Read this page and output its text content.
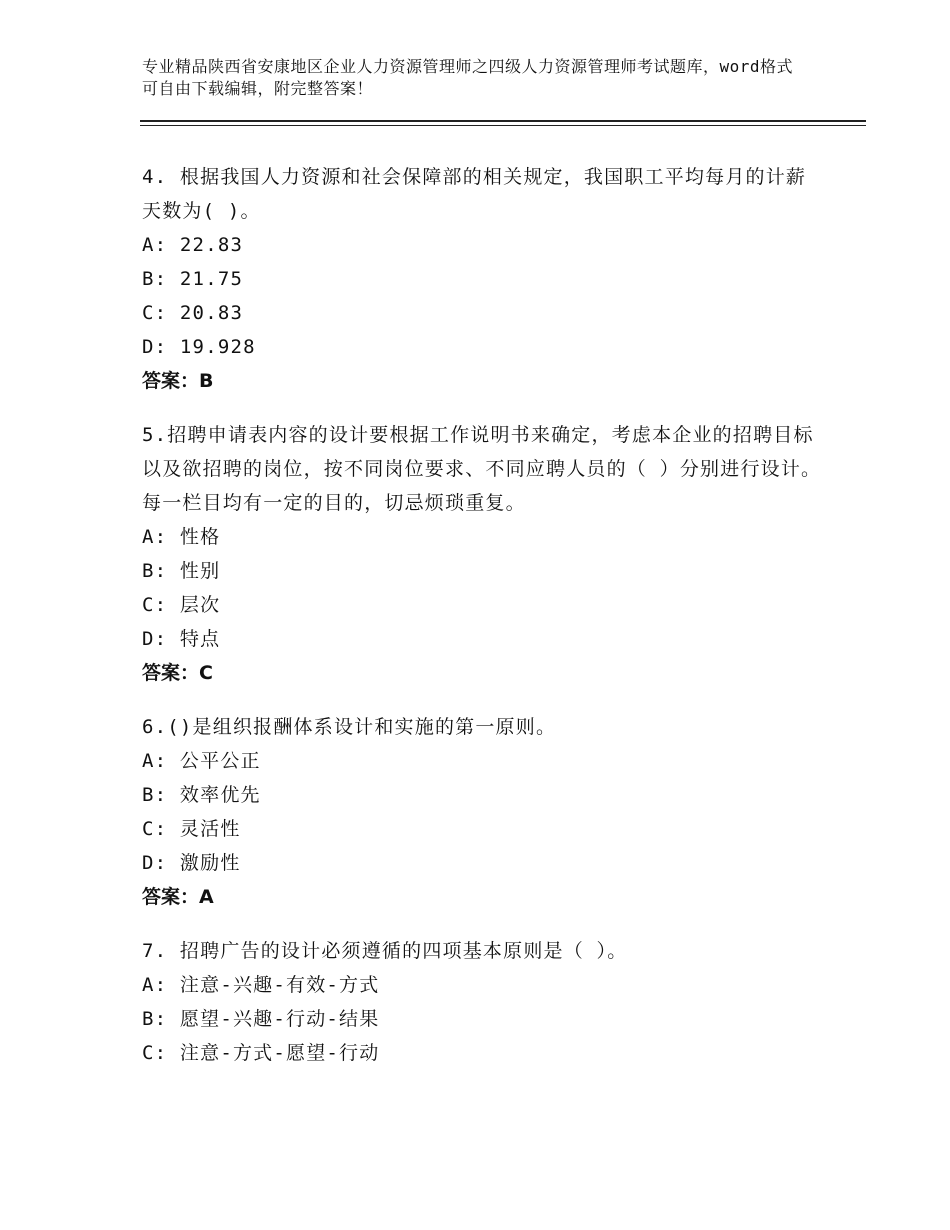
专业精品陕西省安康地区企业人力资源管理师之四级人力资源管理师考试题库，word格式可自由下载编辑，附完整答案！

4. 根据我国人力资源和社会保障部的相关规定，我国职工平均每月的计薪天数为( )。

A: 22.83

B: 21.75

C: 20.83

D: 19.928

答案：B

5.招聘申请表内容的设计要根据工作说明书来确定，考虑本企业的招聘目标以及欲招聘的岗位，按不同岗位要求、不同应聘人员的（ ）分别进行设计。每一栏目均有一定的目的，切忌烦琐重复。

A: 性格

B: 性别

C: 层次

D: 特点

答案：C

6.()是组织报酬体系设计和实施的第一原则。

A: 公平公正

B: 效率优先

C: 灵活性

D: 激励性

答案：A

7. 招聘广告的设计必须遵循的四项基本原则是（ ）。

A: 注意-兴趣-有效-方式

B: 愿望-兴趣-行动-结果

C: 注意-方式-愿望-行动
